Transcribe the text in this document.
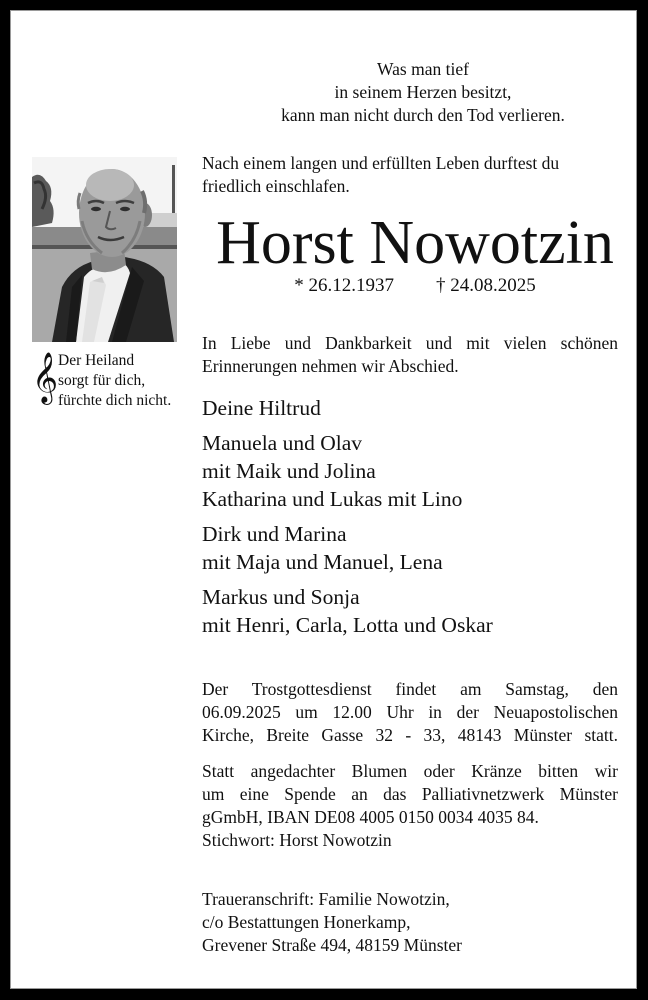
Was man tief
in seinem Herzen besitzt,
kann man nicht durch den Tod verlieren.
𝄞 Der Heiland
sorgt für dich,
fürchte dich nicht.
Nach einem langen und erfüllten Leben durftest du
friedlich einschlafen.
Horst Nowotzin
* 26.12.1937 † 24.08.2025
In Liebe und Dankbarkeit und mit vielen schönen
Erinnerungen nehmen wir Abschied.
Deine Hiltrud
Manuela und Olav
mit Maik und Jolina
Katharina und Lukas mit Lino
Dirk und Marina
mit Maja und Manuel, Lena
Markus und Sonja
mit Henri, Carla, Lotta und Oskar
Der Trostgottesdienst findet am Samstag, den
06.09.2025 um 12.00 Uhr in der Neuapostolischen
Kirche, Breite Gasse 32 - 33, 48143 Münster statt.
Statt angedachter Blumen oder Kränze bitten wir
um eine Spende an das Palliativnetzwerk Münster
gGmbH, IBAN DE08 4005 0150 0034 4035 84.
Stichwort: Horst Nowotzin
Traueranschrift: Familie Nowotzin,
c/o Bestattungen Honerkamp,
Grevener Straße 494, 48159 Münster
